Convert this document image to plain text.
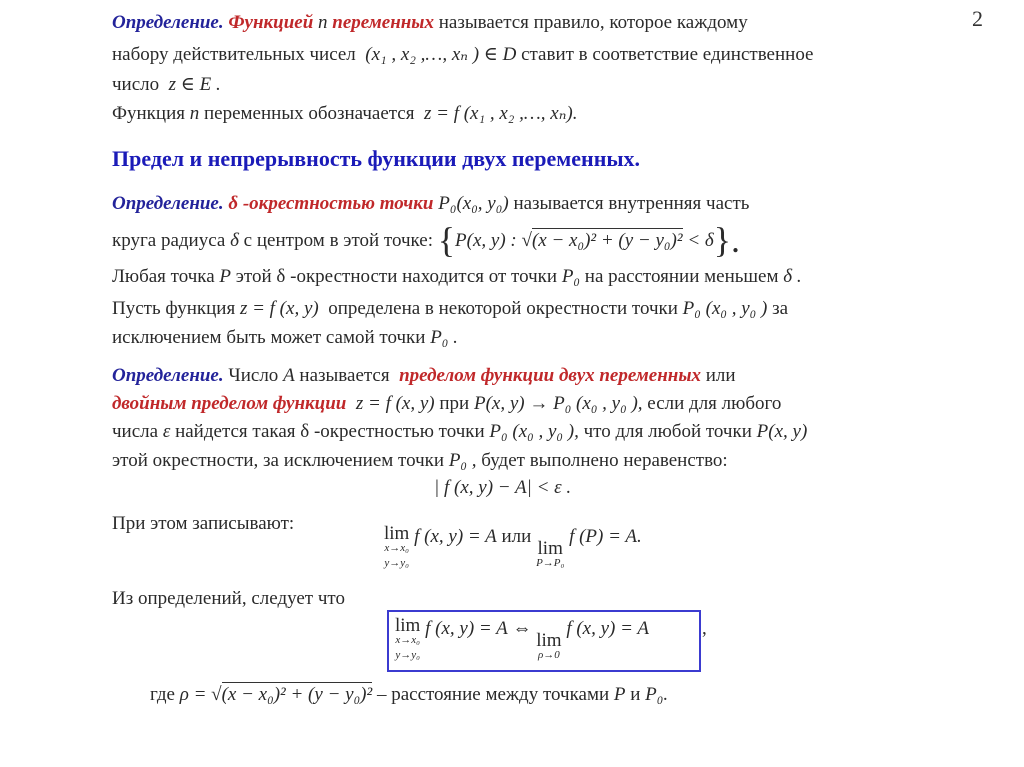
2
Определение. Функцией n переменных называется правило, которое каждому
набору действительных чисел (x₁ , x₂ ,…, xₙ ) ∈ D ставит в соответствие единственное
число z ∈ E .
Функция n переменных обозначается z = f (x₁ , x₂ ,…, xₙ).
Предел и непрерывность функции двух переменных.
Определение. δ -окрестностью точки P₀(x₀, y₀) называется внутренняя часть
круга радиуса δ с центром в этой точке: {P(x, y) : √(x − x₀)² + (y − y₀)² < δ}.
Любая точка P этой δ -окрестности находится от точки P₀ на расстоянии меньшем δ .
Пусть функция z = f (x, y) определена в некоторой окрестности точки P₀ (x₀ , y₀ ) за
исключением быть может самой точки P₀ .
Определение. Число A называется пределом функции двух переменных или
двойным пределом функции z = f (x, y) при P(x, y) → P₀ (x₀ , y₀ ), если для любого
числа ε найдется такая δ -окрестностью точки P₀ (x₀ , y₀ ), что для любой точки P(x, y)
этой окрестности, за исключением точки P₀ , будет выполнено неравенство:
| f (x, y) − A| < ε .
При этом записывают:	lim
x→x₀
y→y₀
f (x, y) = A или lim
P→P₀
f (P) = A.
Из определений, следует что
lim
x→x₀
y→y₀
f (x, y) = A ⇔ lim
ρ→0
f (x, y) = A	,
где ρ = √(x − x₀)² + (y − y₀)² – расстояние между точками P и P₀.
